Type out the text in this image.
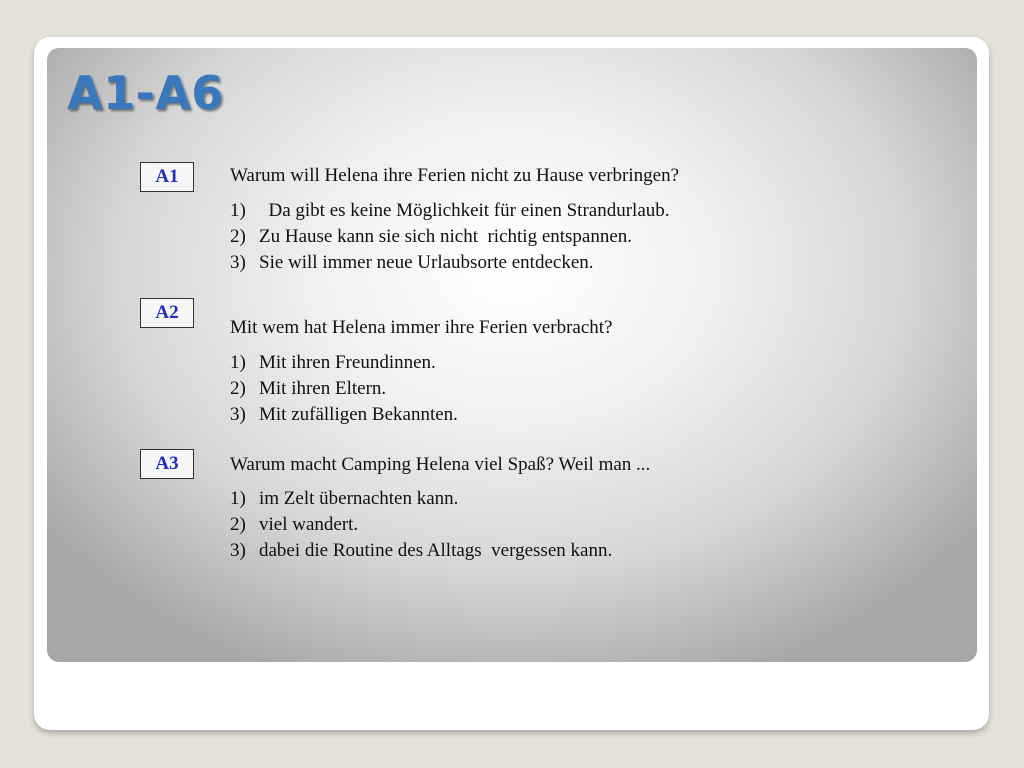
A1-A6
A1	Warum will Helena ihre Ferien nicht zu Hause verbringen?
1)  Da gibt es keine Möglichkeit für einen Strandurlaub.
2) Zu Hause kann sie sich nicht  richtig entspannen.
3) Sie will immer neue Urlaubsorte entdecken.
A2
Mit wem hat Helena immer ihre Ferien verbracht?
1) Mit ihren Freundinnen.
2) Mit ihren Eltern.
3) Mit zufälligen Bekannten.
A3	Warum macht Camping Helena viel Spaß? Weil man ...
1) im Zelt übernachten kann.
2) viel wandert.
3) dabei die Routine des Alltags  vergessen kann.
